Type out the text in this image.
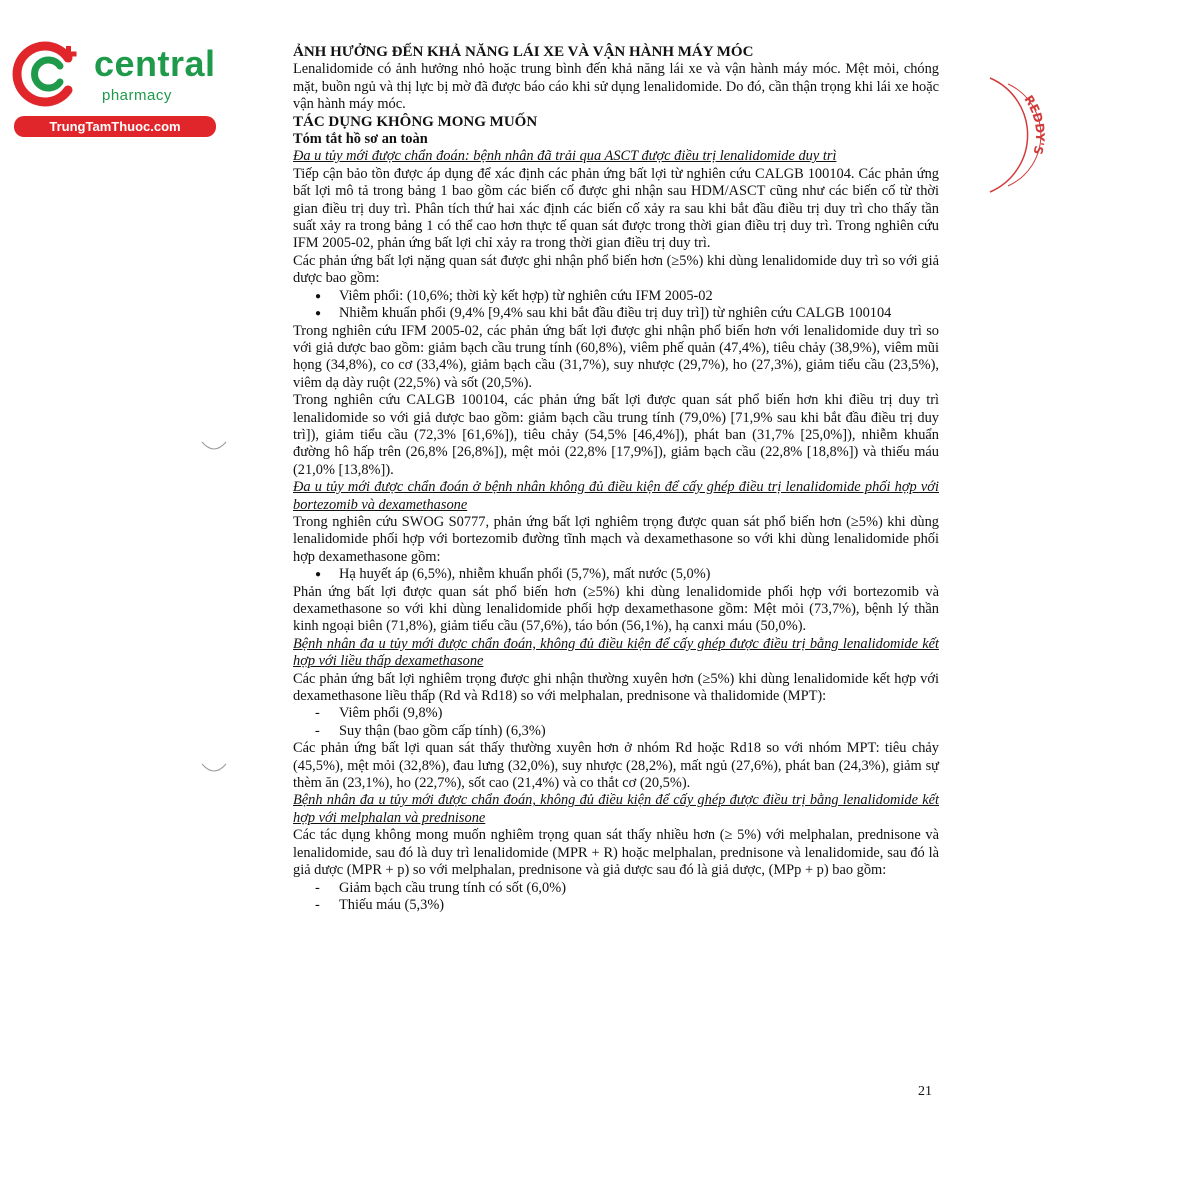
central
pharmacy
TrungTamThuoc.com
REDDY'S

ẢNH HƯỞNG ĐẾN KHẢ NĂNG LÁI XE VÀ VẬN HÀNH MÁY MÓC

Lenalidomide có ảnh hưởng nhỏ hoặc trung bình đến khả năng lái xe và vận hành máy móc. Mệt mỏi, chóng mặt, buồn ngủ và thị lực bị mờ đã được báo cáo khi sử dụng lenalidomide. Do đó, cần thận trọng khi lái xe hoặc vận hành máy móc.

TÁC DỤNG KHÔNG MONG MUỐN

Tóm tắt hồ sơ an toàn

Đa u tủy mới được chẩn đoán: bệnh nhân đã trải qua ASCT được điều trị lenalidomide duy trì

Tiếp cận bảo tồn được áp dụng để xác định các phản ứng bất lợi từ nghiên cứu CALGB 100104. Các phản ứng bất lợi mô tả trong bảng 1 bao gồm các biến cố được ghi nhận sau HDM/ASCT cũng như các biến cố từ thời gian điều trị duy trì. Phân tích thứ hai xác định các biến cố xảy ra sau khi bắt đầu điều trị duy trì cho thấy tần suất xảy ra trong bảng 1 có thể cao hơn thực tế quan sát được trong thời gian điều trị duy trì. Trong nghiên cứu IFM 2005-02, phản ứng bất lợi chỉ xảy ra trong thời gian điều trị duy trì.

Các phản ứng bất lợi nặng quan sát được ghi nhận phổ biến hơn (≥5%) khi dùng lenalidomide duy trì so với giả dược bao gồm:

● Viêm phổi: (10,6%; thời kỳ kết hợp) từ nghiên cứu IFM 2005-02
● Nhiễm khuẩn phổi (9,4% [9,4% sau khi bắt đầu điều trị duy trì]) từ nghiên cứu CALGB 100104

Trong nghiên cứu IFM 2005-02, các phản ứng bất lợi được ghi nhận phổ biến hơn với lenalidomide duy trì so với giả dược bao gồm: giảm bạch cầu trung tính (60,8%), viêm phế quản (47,4%), tiêu chảy (38,9%), viêm mũi họng (34,8%), co cơ (33,4%), giảm bạch cầu (31,7%), suy nhược (29,7%), ho (27,3%), giảm tiểu cầu (23,5%), viêm dạ dày ruột (22,5%) và sốt (20,5%).

Trong nghiên cứu CALGB 100104, các phản ứng bất lợi được quan sát phổ biến hơn khi điều trị duy trì lenalidomide so với giả dược bao gồm: giảm bạch cầu trung tính (79,0%) [71,9% sau khi bắt đầu điều trị duy trì]), giảm tiểu cầu (72,3% [61,6%]), tiêu chảy (54,5% [46,4%]), phát ban (31,7% [25,0%]), nhiễm khuẩn đường hô hấp trên (26,8% [26,8%]), mệt mỏi (22,8% [17,9%]), giảm bạch cầu (22,8% [18,8%]) và thiếu máu (21,0% [13,8%]).

Đa u tủy mới được chẩn đoán ở bệnh nhân không đủ điều kiện để cấy ghép điều trị lenalidomide phối hợp với bortezomib và dexamethasone

Trong nghiên cứu SWOG S0777, phản ứng bất lợi nghiêm trọng được quan sát phổ biến hơn (≥5%) khi dùng lenalidomide phối hợp với bortezomib đường tĩnh mạch và dexamethasone so với khi dùng lenalidomide phối hợp dexamethasone gồm:

● Hạ huyết áp (6,5%), nhiễm khuẩn phổi (5,7%), mất nước (5,0%)

Phản ứng bất lợi được quan sát phổ biến hơn (≥5%) khi dùng lenalidomide phối hợp với bortezomib và dexamethasone so với khi dùng lenalidomide phối hợp dexamethasone gồm: Mệt mỏi (73,7%), bệnh lý thần kinh ngoại biên (71,8%), giảm tiểu cầu (57,6%), táo bón (56,1%), hạ canxi máu (50,0%).

Bệnh nhân đa u tủy mới được chẩn đoán, không đủ điều kiện để cấy ghép được điều trị bằng lenalidomide kết hợp với liều thấp dexamethasone

Các phản ứng bất lợi nghiêm trọng được ghi nhận thường xuyên hơn (≥5%) khi dùng lenalidomide kết hợp với dexamethasone liều thấp (Rd và Rd18) so với melphalan, prednisone và thalidomide (MPT):

- Viêm phổi (9,8%)
- Suy thận (bao gồm cấp tính) (6,3%)

Các phản ứng bất lợi quan sát thấy thường xuyên hơn ở nhóm Rd hoặc Rd18 so với nhóm MPT: tiêu chảy (45,5%), mệt mỏi (32,8%), đau lưng (32,0%), suy nhược (28,2%), mất ngủ (27,6%), phát ban (24,3%), giảm sự thèm ăn (23,1%), ho (22,7%), sốt cao (21,4%) và co thắt cơ (20,5%).

Bệnh nhân đa u tủy mới được chẩn đoán, không đủ điều kiện để cấy ghép được điều trị bằng lenalidomide kết hợp với melphalan và prednisone

Các tác dụng không mong muốn nghiêm trọng quan sát thấy nhiều hơn (≥ 5%) với melphalan, prednisone và lenalidomide, sau đó là duy trì lenalidomide (MPR + R) hoặc melphalan, prednisone và lenalidomide, sau đó là giả dược (MPR + p) so với melphalan, prednisone và giả dược sau đó là giả dược, (MPp + p) bao gồm:

- Giảm bạch cầu trung tính có sốt (6,0%)
- Thiếu máu (5,3%)
21
